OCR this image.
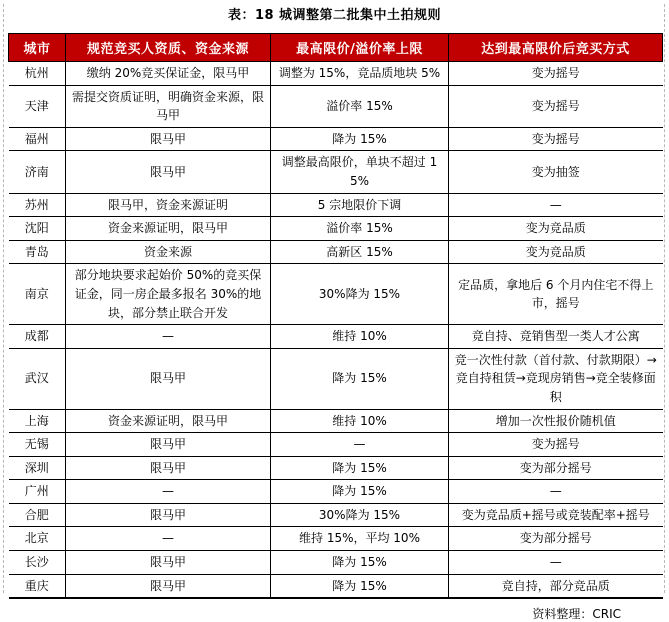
表：18 城调整第二批集中土拍规则
城市	规范竞买人资质、资金来源	最高限价/溢价率上限	达到最高限价后竞买方式
杭州	缴纳 20%竞买保证金，限马甲	调整为 15%，竞品质地块 5%	变为摇号
天津	需提交资质证明，明确资金来源，限马甲	溢价率 15%	变为摇号
福州	限马甲	降为 15%	变为摇号
济南	限马甲	调整最高限价，单块不超过 15%	变为抽签
苏州	限马甲，资金来源证明	5 宗地限价下调	—
沈阳	资金来源证明，限马甲	溢价率 15%	变为竞品质
青岛	资金来源	高新区 15%	变为竞品质
南京	部分地块要求起始价 50%的竞买保证金，同一房企最多报名 30%的地块，部分禁止联合开发	30%降为 15%	定品质，拿地后 6 个月内住宅不得上市，摇号
成都	—	维持 10%	竞自持、竞销售型一类人才公寓
武汉	限马甲	降为 15%	竞一次性付款（首付款、付款期限）→竞自持租赁→竞现房销售→竞全装修面积
上海	资金来源证明，限马甲	维持 10%	增加一次性报价随机值
无锡	限马甲	—	变为摇号
深圳	限马甲	降为 15%	变为部分摇号
广州	—	降为 15%	—
合肥	限马甲	30%降为 15%	变为竞品质+摇号或竞装配率+摇号
北京	—	维持 15%，平均 10%	变为部分摇号
长沙	限马甲	降为 15%	—
重庆	限马甲	降为 15%	竞自持，部分竞品质
资料整理：CRIC
